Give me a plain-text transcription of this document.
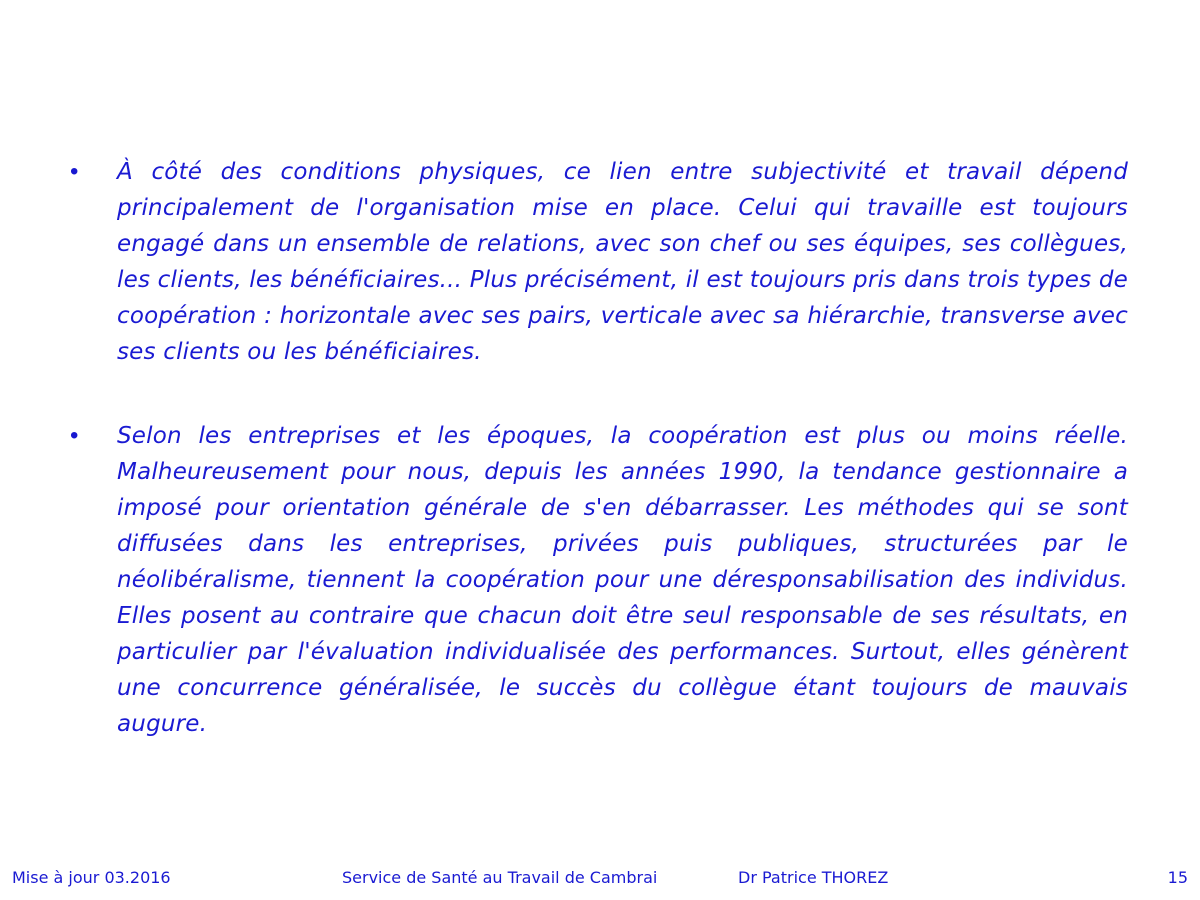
• À côté des conditions physiques, ce lien entre subjectivité et travail dépend principalement de l'organisation mise en place. Celui qui travaille est toujours engagé dans un ensemble de relations, avec son chef ou ses équipes, ses collègues, les clients, les bénéficiaires... Plus précisément, il est toujours pris dans trois types de coopération : horizontale avec ses pairs, verticale avec sa hiérarchie, transverse avec ses clients ou les bénéficiaires.
• Selon les entreprises et les époques, la coopération est plus ou moins réelle. Malheureusement pour nous, depuis les années 1990, la tendance gestionnaire a imposé pour orientation générale de s'en débarrasser. Les méthodes qui se sont diffusées dans les entreprises, privées puis publiques, structurées par le néolibéralisme, tiennent la coopération pour une déresponsabilisation des individus. Elles posent au contraire que chacun doit être seul responsable de ses résultats, en particulier par l'évaluation individualisée des performances. Surtout, elles génèrent une concurrence généralisée, le succès du collègue étant toujours de mauvais augure.
Mise à jour 03.2016	Service de Santé au Travail de Cambrai	Dr Patrice THOREZ	15
